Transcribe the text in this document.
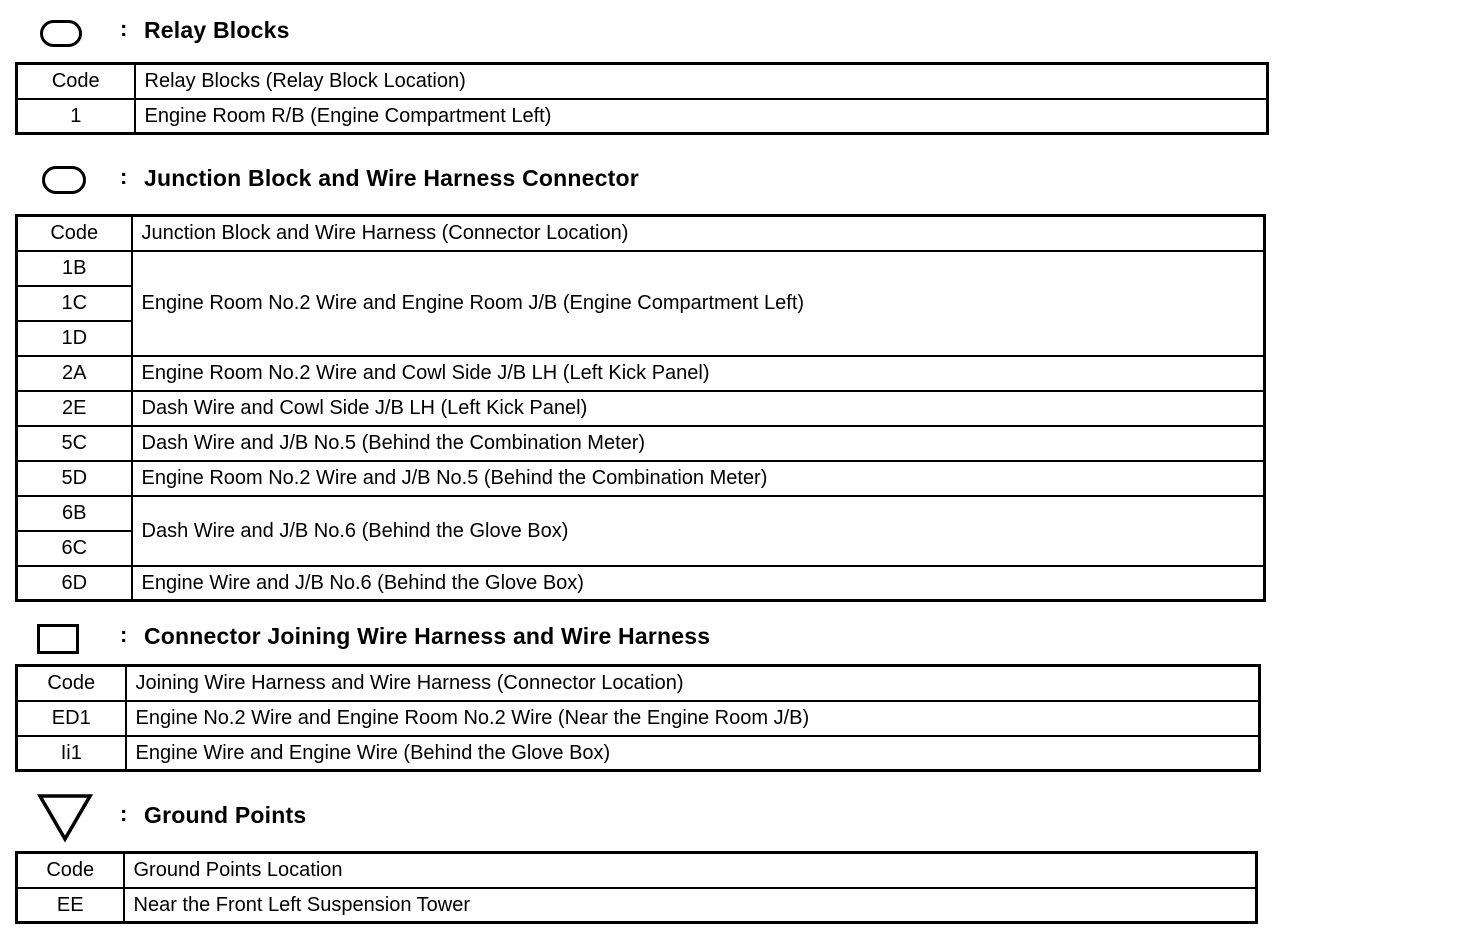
: Relay Blocks
Code	Relay Blocks (Relay Block Location)
1	Engine Room R/B (Engine Compartment Left)
: Junction Block and Wire Harness Connector
Code	Junction Block and Wire Harness (Connector Location)
1B	Engine Room No.2 Wire and Engine Room J/B (Engine Compartment Left)
1C	
1D	
2A	Engine Room No.2 Wire and Cowl Side J/B LH (Left Kick Panel)
2E	Dash Wire and Cowl Side J/B LH (Left Kick Panel)
5C	Dash Wire and J/B No.5 (Behind the Combination Meter)
5D	Engine Room No.2 Wire and J/B No.5 (Behind the Combination Meter)
6B	Dash Wire and J/B No.6 (Behind the Glove Box)
6C	
6D	Engine Wire and J/B No.6 (Behind the Glove Box)
: Connector Joining Wire Harness and Wire Harness
Code	Joining Wire Harness and Wire Harness (Connector Location)
ED1	Engine No.2 Wire and Engine Room No.2 Wire (Near the Engine Room J/B)
Ii1	Engine Wire and Engine Wire (Behind the Glove Box)
: Ground Points
Code	Ground Points Location
EE	Near the Front Left Suspension Tower
